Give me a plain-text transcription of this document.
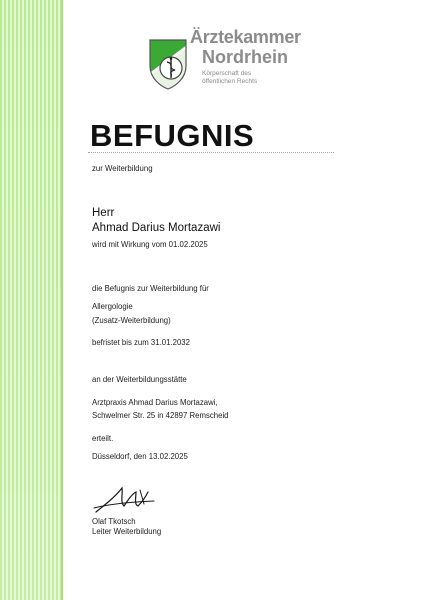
Ärztekammer
Nordrhein
Körperschaft des öffentlichen Rechts
BEFUGNIS
zur Weiterbildung
Herr
Ahmad Darius Mortazawi
wird mit Wirkung vom 01.02.2025
die Befugnis zur Weiterbildung für
Allergologie
(Zusatz-Weiterbildung)
befristet bis zum 31.01.2032
an der Weiterbildungsstätte
Arztpraxis Ahmad Darius Mortazawi,
Schwelmer Str. 25 in 42897 Remscheid
erteilt.
Düsseldorf, den 13.02.2025
Olaf Tkotsch
Leiter Weiterbildung
